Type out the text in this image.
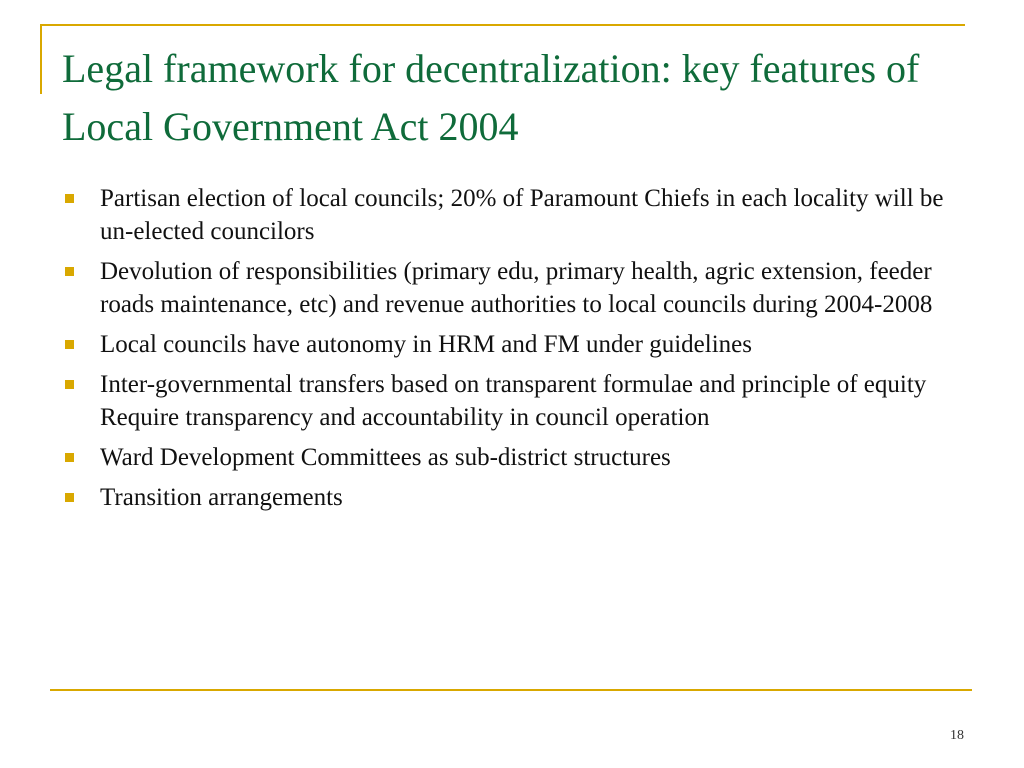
Legal framework for decentralization: key features of Local Government Act 2004
Partisan election of local councils; 20% of Paramount Chiefs in each locality will be un-elected councilors
Devolution of responsibilities (primary edu, primary health, agric extension, feeder roads maintenance, etc) and revenue authorities to local councils during 2004-2008
Local councils have autonomy in HRM and FM under guidelines
Inter-governmental transfers based on transparent formulae and principle of equity Require transparency and accountability in council operation
Ward Development Committees as sub-district structures
Transition arrangements
18
